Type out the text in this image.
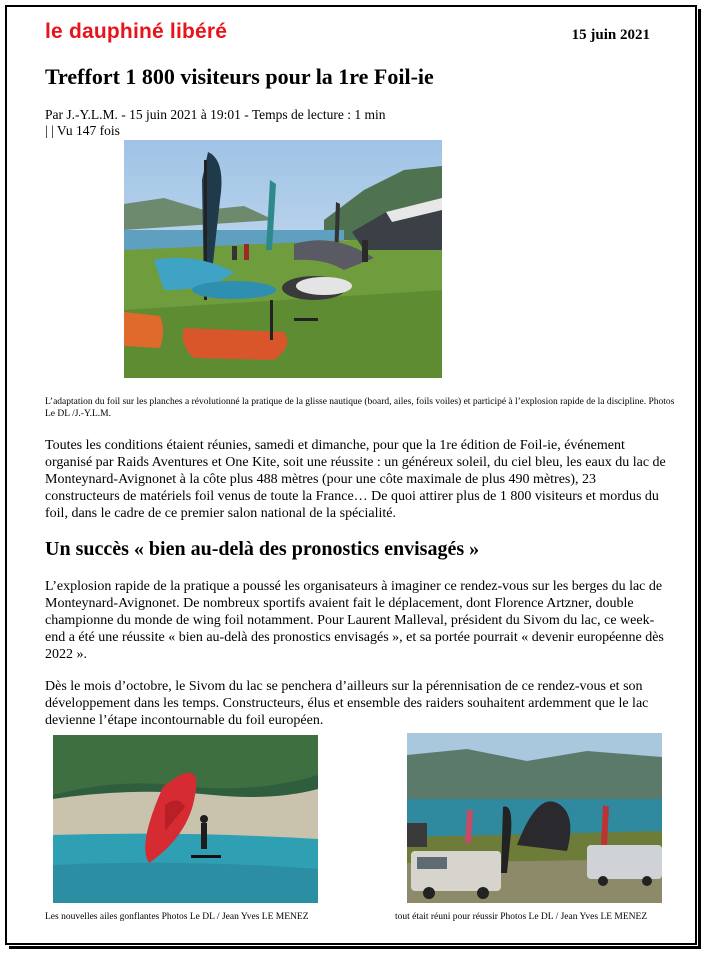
le dauphiné libéré	15 juin 2021
Treffort 1 800 visiteurs pour la 1re Foil-ie
Par J.-Y.L.M. - 15 juin 2021 à 19:01 - Temps de lecture : 1 min
| | Vu 147 fois
L’adaptation du foil sur les planches a révolutionné la pratique de la glisse nautique (board, ailes, foils voiles) et participé à l’explosion rapide de la discipline. Photos Le DL /J.-Y.L.M.

Toutes les conditions étaient réunies, samedi et dimanche, pour que la 1re édition de Foil-ie, événement organisé par Raids Aventures et One Kite, soit une réussite : un généreux soleil, du ciel bleu, les eaux du lac de Monteynard-Avignonet à la côte plus 488 mètres (pour une côte maximale de plus 490 mètres), 23 constructeurs de matériels foil venus de toute la France… De quoi attirer plus de 1 800 visiteurs et mordus du foil, dans le cadre de ce premier salon national de la spécialité.

Un succès « bien au-delà des pronostics envisagés »

L’explosion rapide de la pratique a poussé les organisateurs à imaginer ce rendez-vous sur les berges du lac de Monteynard-Avignonet. De nombreux sportifs avaient fait le déplacement, dont Florence Artzner, double championne du monde de wing foil notamment. Pour Laurent Malleval, président du Sivom du lac, ce week-end a été une réussite « bien au-delà des pronostics envisagés », et sa portée pourrait « devenir européenne dès 2022 ».

Dès le mois d’octobre, le Sivom du lac se penchera d’ailleurs sur la pérennisation de ce rendez-vous et son développement dans les temps. Constructeurs, élus et ensemble des raiders souhaitent ardemment que le lac devienne l’étape incontournable du foil européen.

Les nouvelles ailes gonflantes Photos Le DL / Jean Yves LE MENEZ	tout était réuni pour réussir Photos Le DL / Jean Yves LE MENEZ
